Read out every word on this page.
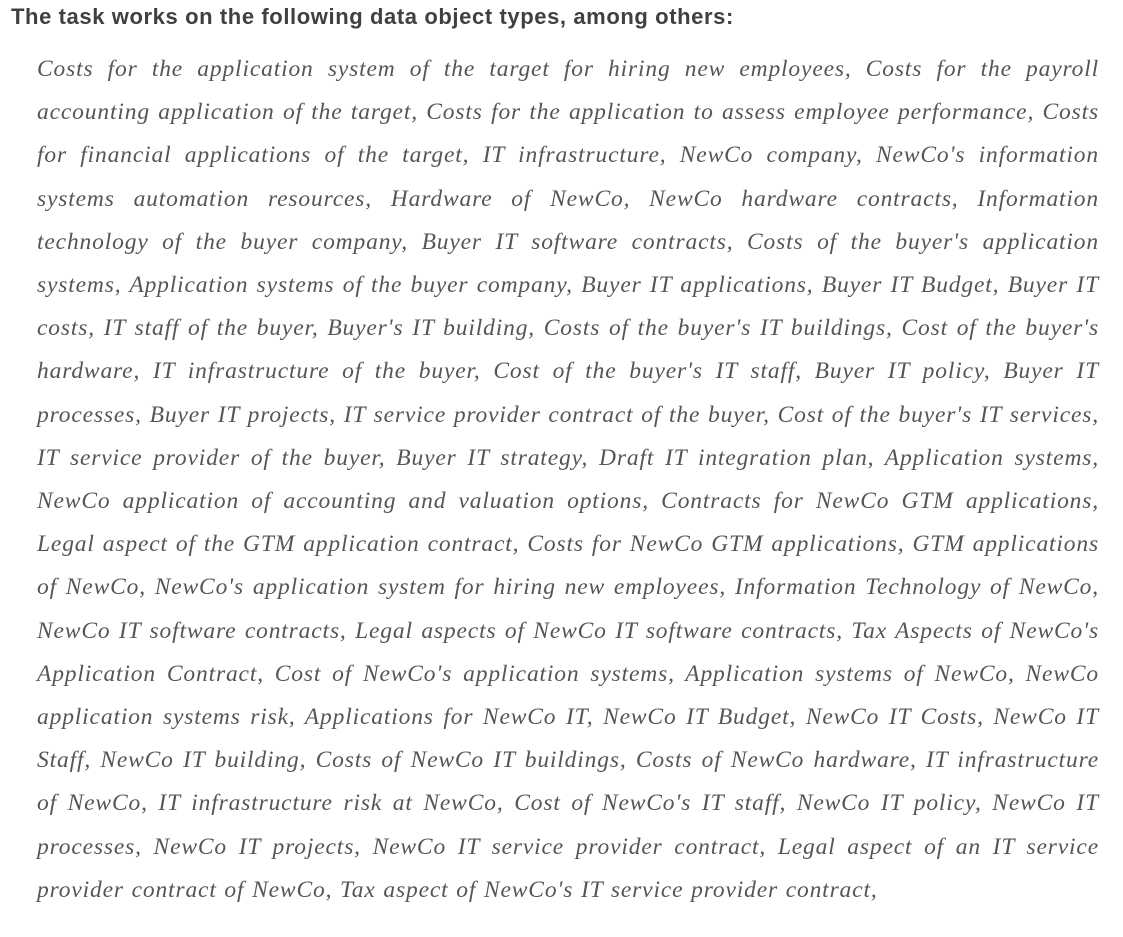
The task works on the following data object types, among others:

Costs for the application system of the target for hiring new employees, Costs for the payroll accounting application of the target, Costs for the application to assess employee performance, Costs for financial applications of the target, IT infrastructure, NewCo company, NewCo's information systems automation resources, Hardware of NewCo, NewCo hardware contracts, Information technology of the buyer company, Buyer IT software contracts, Costs of the buyer's application systems, Application systems of the buyer company, Buyer IT applications, Buyer IT Budget, Buyer IT costs, IT staff of the buyer, Buyer's IT building, Costs of the buyer's IT buildings, Cost of the buyer's hardware, IT infrastructure of the buyer, Cost of the buyer's IT staff, Buyer IT policy, Buyer IT processes, Buyer IT projects, IT service provider contract of the buyer, Cost of the buyer's IT services, IT service provider of the buyer, Buyer IT strategy, Draft IT integration plan, Application systems, NewCo application of accounting and valuation options, Contracts for NewCo GTM applications, Legal aspect of the GTM application contract, Costs for NewCo GTM applications, GTM applications of NewCo, NewCo's application system for hiring new employees, Information Technology of NewCo, NewCo IT software contracts, Legal aspects of NewCo IT software contracts, Tax Aspects of NewCo's Application Contract, Cost of NewCo's application systems, Application systems of NewCo, NewCo application systems risk, Applications for NewCo IT, NewCo IT Budget, NewCo IT Costs, NewCo IT Staff, NewCo IT building, Costs of NewCo IT buildings, Costs of NewCo hardware, IT infrastructure of NewCo, IT infrastructure risk at NewCo, Cost of NewCo's IT staff, NewCo IT policy, NewCo IT processes, NewCo IT projects, NewCo IT service provider contract, Legal aspect of an IT service provider contract of NewCo, Tax aspect of NewCo's IT service provider contract,
